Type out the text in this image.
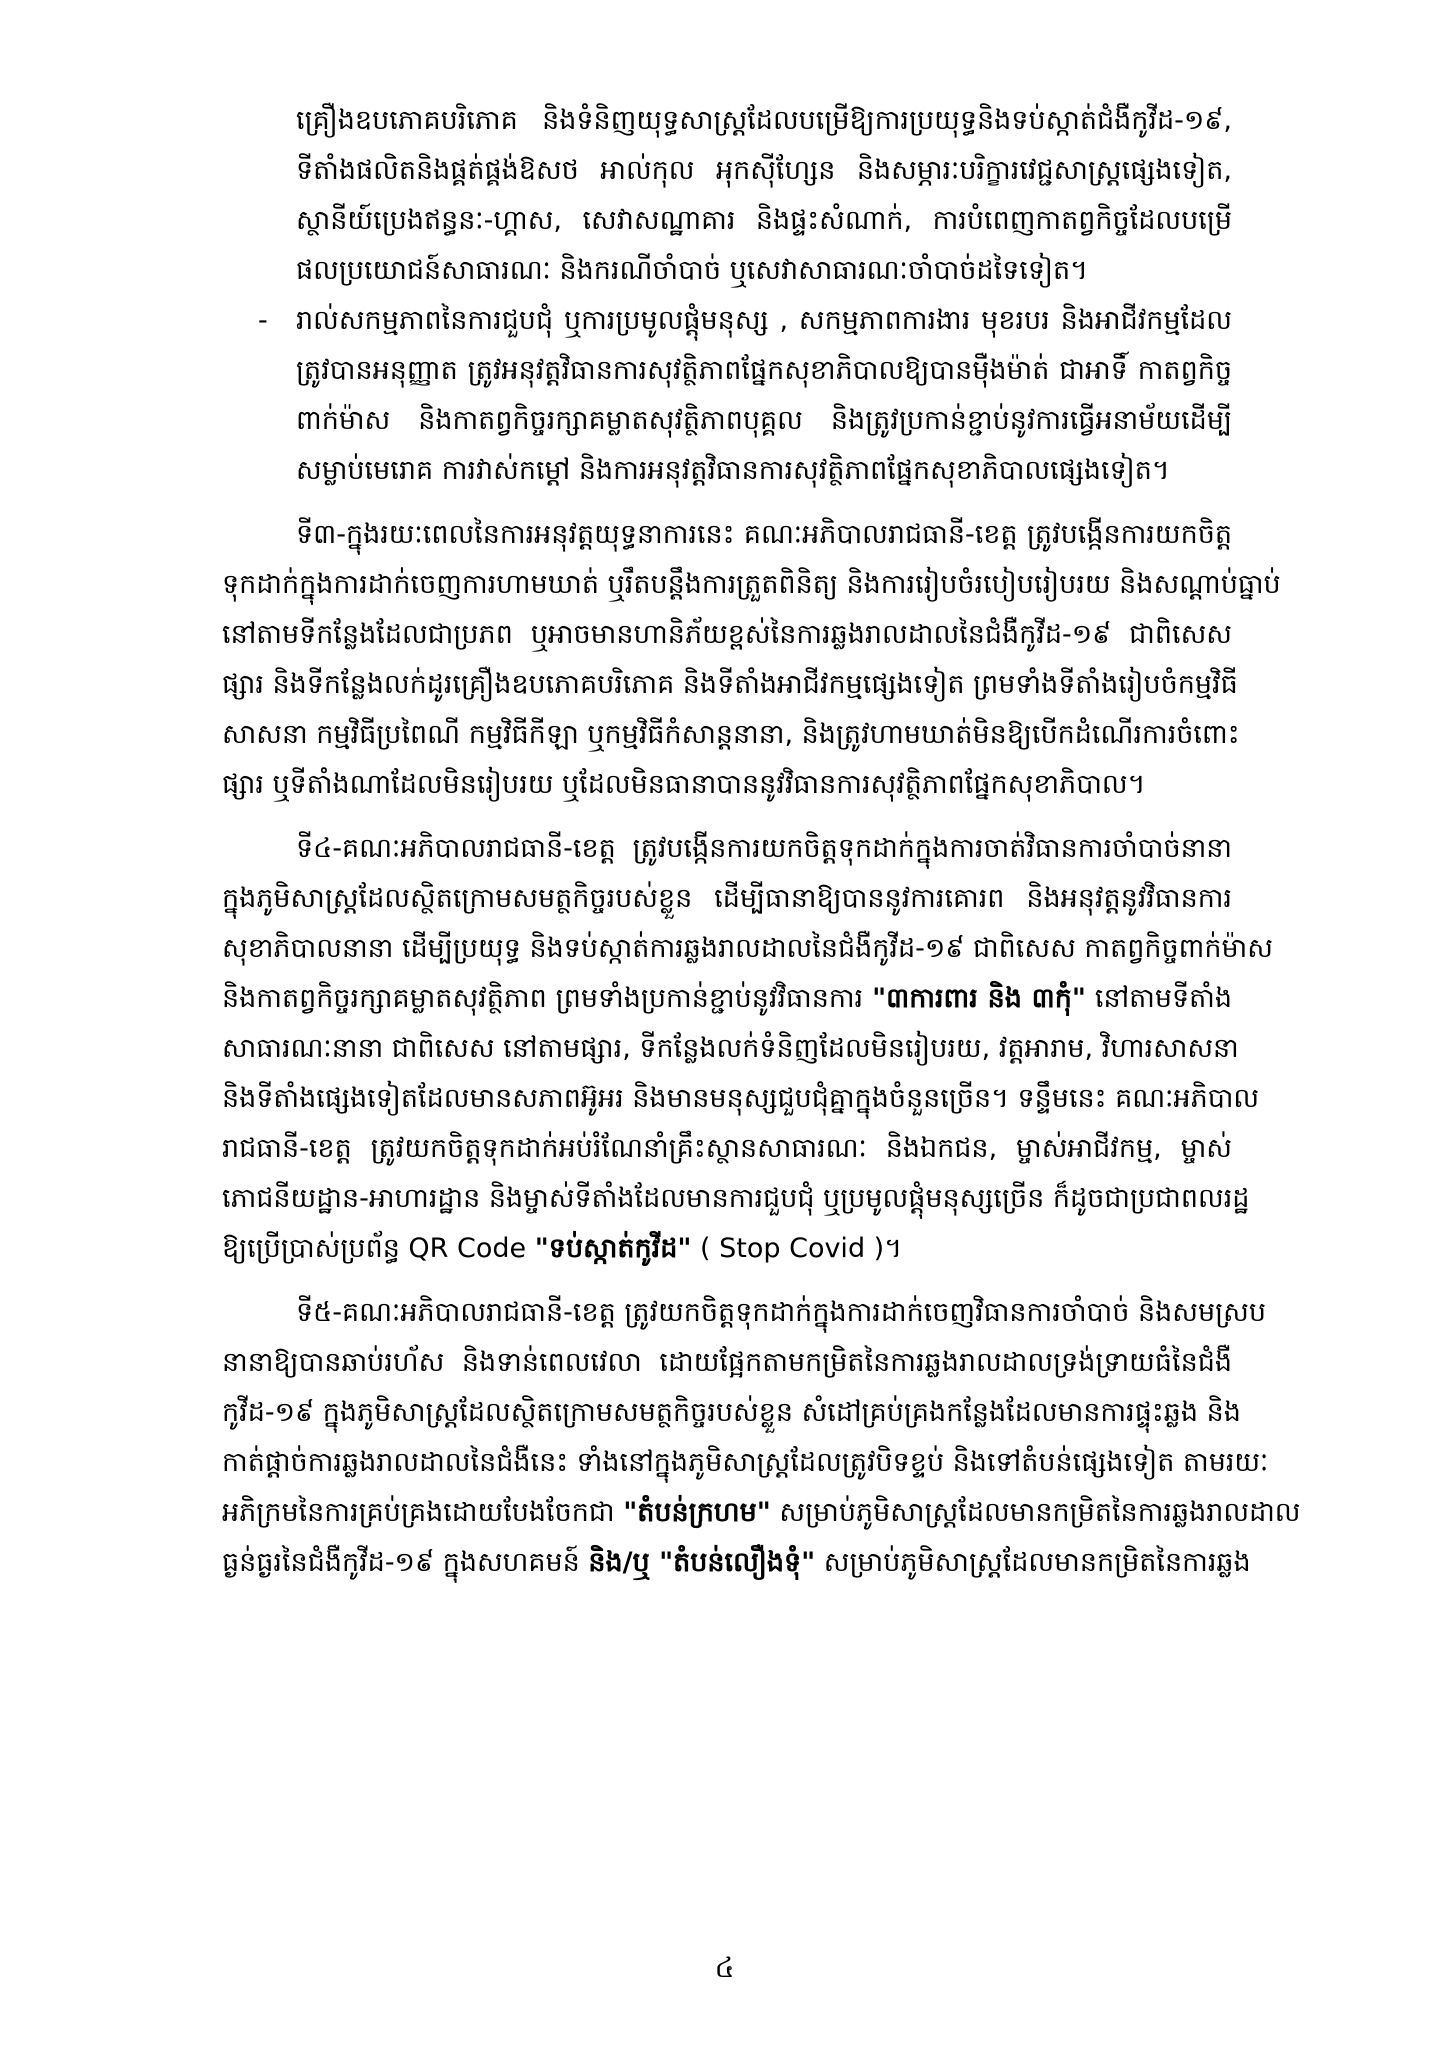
គ្រឿងឧបភោគបរិភោគ និងទំនិញយុទ្ធសាស្ត្រដែលបម្រើឱ្យការប្រយុទ្ធនិងទប់ស្កាត់ជំងឺកូវីដ-១៩,
ទីតាំងផលិតនិងផ្គត់ផ្គង់ឱសថ អាល់កុល អុកស៊ីហ្សែន និងសម្ភារៈបរិក្ខារវេជ្ជសាស្ត្រផ្សេងទៀត,
ស្ថានីយ៍ប្រេងឥន្ធនៈ-ហ្គាស, សេវាសណ្ឋាគារ និងផ្ទះសំណាក់, ការបំពេញកាតព្វកិច្ចដែលបម្រើ
ផលប្រយោជន៍សាធារណៈ និងករណីចាំបាច់ ឬសេវាសាធារណៈចាំបាច់ដទៃទៀត។
- រាល់សកម្មភាពនៃការជួបជុំ ឬការប្រមូលផ្តុំមនុស្ស , សកម្មភាពការងារ មុខរបរ និងអាជីវកម្មដែល
ត្រូវបានអនុញ្ញាត ត្រូវអនុវត្តវិធានការសុវត្ថិភាពផ្នែកសុខាភិបាលឱ្យបានម៉ឺងម៉ាត់ ជាអាទិ៍ កាតព្វកិច្ច
ពាក់ម៉ាស និងកាតព្វកិច្ចរក្សាគម្លាតសុវត្ថិភាពបុគ្គល និងត្រូវប្រកាន់ខ្ជាប់នូវការធ្វើអនាម័យដើម្បី
សម្លាប់មេរោគ ការវាស់កម្តៅ និងការអនុវត្តវិធានការសុវត្ថិភាពផ្នែកសុខាភិបាលផ្សេងទៀត។
ទី៣-ក្នុងរយៈពេលនៃការអនុវត្តយុទ្ធនាការនេះ គណៈអភិបាលរាជធានី-ខេត្ត ត្រូវបង្កើនការយកចិត្ត
ទុកដាក់ក្នុងការដាក់ចេញការហាមឃាត់ ឬរឹតបន្តឹងការត្រួតពិនិត្យ និងការរៀបចំរបៀបរៀបរយ និងសណ្តាប់ធ្នាប់
នៅតាមទីកន្លែងដែលជាប្រភព ឬអាចមានហានិភ័យខ្ពស់នៃការឆ្លងរាលដាលនៃជំងឺកូវីដ-១៩ ជាពិសេស
ផ្សារ និងទីកន្លែងលក់ដូរគ្រឿងឧបភោគបរិភោគ និងទីតាំងអាជីវកម្មផ្សេងទៀត ព្រមទាំងទីតាំងរៀបចំកម្មវិធី
សាសនា កម្មវិធីប្រពៃណី កម្មវិធីកីឡា ឬកម្មវិធីកំសាន្តនានា, និងត្រូវហាមឃាត់មិនឱ្យបើកដំណើរការចំពោះ
ផ្សារ ឬទីតាំងណាដែលមិនរៀបរយ ឬដែលមិនធានាបាននូវវិធានការសុវត្ថិភាពផ្នែកសុខាភិបាល។
ទី៤-គណៈអភិបាលរាជធានី-ខេត្ត ត្រូវបង្កើនការយកចិត្តទុកដាក់ក្នុងការចាត់វិធានការចាំបាច់នានា
ក្នុងភូមិសាស្ត្រដែលស្ថិតក្រោមសមត្ថកិច្ចរបស់ខ្លួន ដើម្បីធានាឱ្យបាននូវការគោរព និងអនុវត្តនូវវិធានការ
សុខាភិបាលនានា ដើម្បីប្រយុទ្ធ និងទប់ស្កាត់ការឆ្លងរាលដាលនៃជំងឺកូវីដ-១៩ ជាពិសេស កាតព្វកិច្ចពាក់ម៉ាស
និងកាតព្វកិច្ចរក្សាគម្លាតសុវត្ថិភាព ព្រមទាំងប្រកាន់ខ្ជាប់នូវវិធានការ "៣ការពារ និង ៣កុំ" នៅតាមទីតាំង
សាធារណៈនានា ជាពិសេស នៅតាមផ្សារ, ទីកន្លែងលក់ទំនិញដែលមិនរៀបរយ, វត្តអារាម, វិហារសាសនា
និងទីតាំងផ្សេងទៀតដែលមានសភាពអ៊ូអរ និងមានមនុស្សជួបជុំគ្នាក្នុងចំនួនច្រើន។ ទន្ទឹមនេះ គណៈអភិបាល
រាជធានី-ខេត្ត ត្រូវយកចិត្តទុកដាក់អប់រំណែនាំគ្រឹះស្ថានសាធារណៈ និងឯកជន, ម្ចាស់អាជីវកម្ម, ម្ចាស់
ភោជនីយដ្ឋាន-អាហារដ្ឋាន និងម្ចាស់ទីតាំងដែលមានការជួបជុំ ឬប្រមូលផ្តុំមនុស្សច្រើន ក៏ដូចជាប្រជាពលរដ្ឋ
ឱ្យប្រើប្រាស់ប្រព័ន្ធ QR Code "ទប់ស្កាត់កូវីដ" ( Stop Covid )។
ទី៥-គណៈអភិបាលរាជធានី-ខេត្ត ត្រូវយកចិត្តទុកដាក់ក្នុងការដាក់ចេញវិធានការចាំបាច់ និងសមស្រប
នានាឱ្យបានឆាប់រហ័ស និងទាន់ពេលវេលា ដោយផ្អែកតាមកម្រិតនៃការឆ្លងរាលដាលទ្រង់ទ្រាយធំនៃជំងឺ
កូវីដ-១៩ ក្នុងភូមិសាស្ត្រដែលស្ថិតក្រោមសមត្ថកិច្ចរបស់ខ្លួន សំដៅគ្រប់គ្រងកន្លែងដែលមានការផ្ទុះឆ្លង និង
កាត់ផ្តាច់ការឆ្លងរាលដាលនៃជំងឺនេះ ទាំងនៅក្នុងភូមិសាស្ត្រដែលត្រូវបិទខ្ទប់ និងទៅតំបន់ផ្សេងទៀត តាមរយៈ
អភិក្រមនៃការគ្រប់គ្រងដោយបែងចែកជា "តំបន់ក្រហម" សម្រាប់ភូមិសាស្ត្រដែលមានកម្រិតនៃការឆ្លងរាលដាល
ធ្ងន់ធ្ងរនៃជំងឺកូវីដ-១៩ ក្នុងសហគមន៍ និង/ឬ "តំបន់លឿងទុំ" សម្រាប់ភូមិសាស្ត្រដែលមានកម្រិតនៃការឆ្លង
៤
